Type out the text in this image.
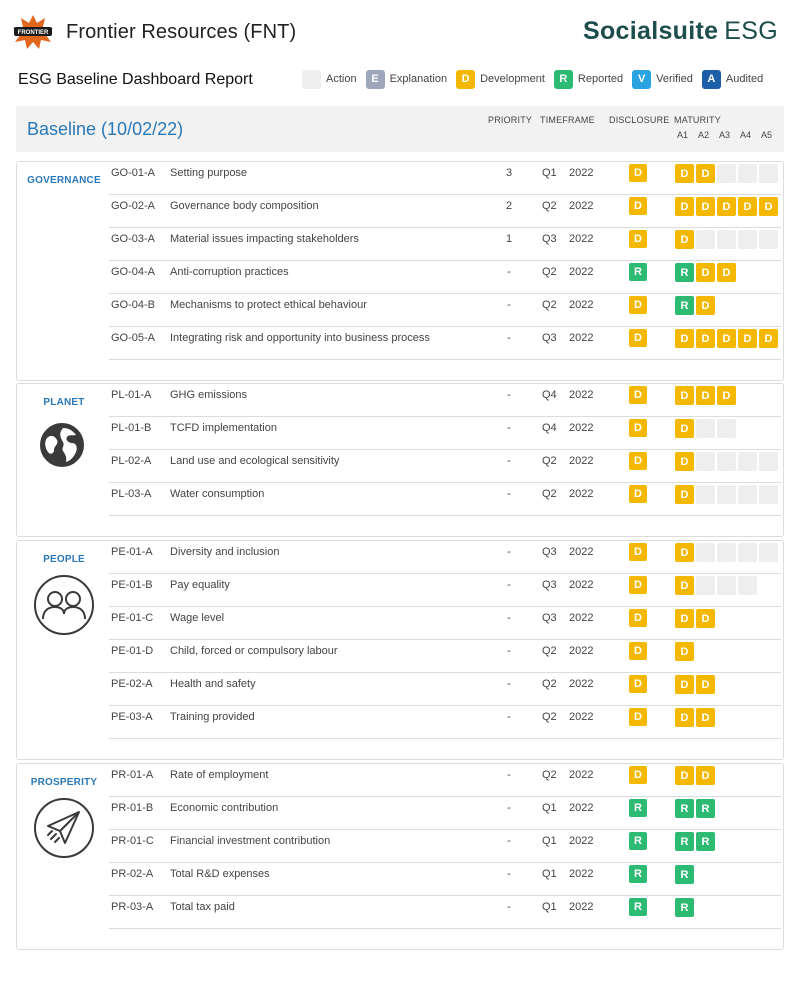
FRONTIER Frontier Resources (FNT)	Socialsuite ESG
ESG Baseline Dashboard Report	Action	E Explanation	D Development	R Reported	V Verified	A Audited
Baseline (10/02/22)	PRIORITY TIMEFRAME DISCLOSURE MATURITY
A1 A2 A3 A4 A5
GOVERNANCE
GO-01-A Setting purpose	3	Q1 2022	D	D	D
GO-02-A Governance body composition	2	Q2 2022	D	D	D	D	D	D
GO-03-A Material issues impacting stakeholders	1	Q3 2022	D	D
GO-04-A Anti-corruption practices	-	Q2 2022	R	R	D	D
GO-04-B Mechanisms to protect ethical behaviour	-	Q2 2022	D	R	D
GO-05-A Integrating risk and opportunity into business process	-	Q3 2022	D	D	D	D	D	D
PLANET
PL-01-A GHG emissions	-	Q4 2022	D	D	D	D
PL-01-B TCFD implementation	-	Q4 2022	D	D
PL-02-A Land use and ecological sensitivity	-	Q2 2022	D	D
PL-03-A Water consumption	-	Q2 2022	D	D
PEOPLE
PE-01-A Diversity and inclusion	-	Q3 2022	D	D
PE-01-B Pay equality	-	Q3 2022	D	D
PE-01-C Wage level	-	Q3 2022	D	D	D
PE-01-D Child, forced or compulsory labour	-	Q2 2022	D	D
PE-02-A Health and safety	-	Q2 2022	D	D	D
PE-03-A Training provided	-	Q2 2022	D	D	D
PROSPERITY
PR-01-A Rate of employment	-	Q2 2022	D	D	D
PR-01-B Economic contribution	-	Q1 2022	R	R	R
PR-01-C Financial investment contribution	-	Q1 2022	R	R	R
PR-02-A Total R&D expenses	-	Q1 2022	R	R
PR-03-A Total tax paid	-	Q1 2022	R	R
